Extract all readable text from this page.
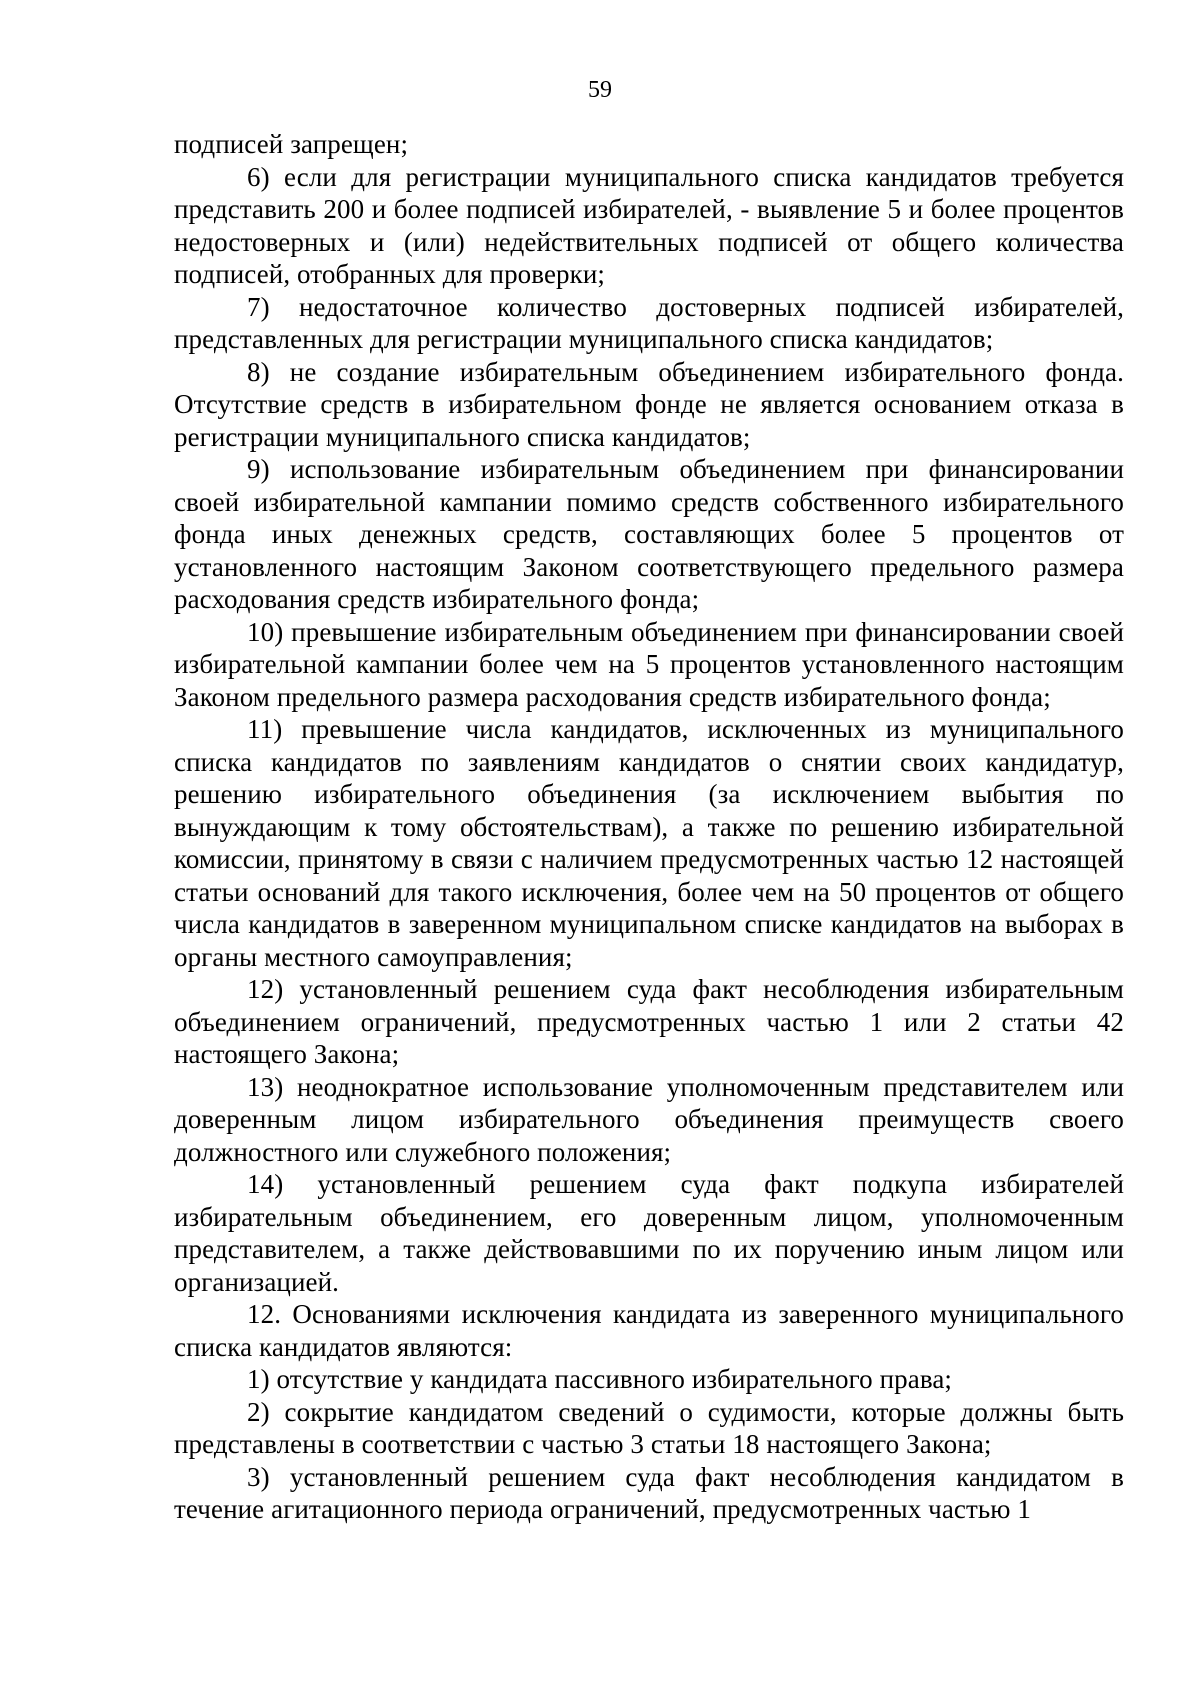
59

подписей запрещен;

6) если для регистрации муниципального списка кандидатов требуется представить 200 и более подписей избирателей, - выявление 5 и более процентов недостоверных и (или) недействительных подписей от общего количества подписей, отобранных для проверки;

7) недостаточное количество достоверных подписей избирателей, представленных для регистрации муниципального списка кандидатов;

8) не создание избирательным объединением избирательного фонда. Отсутствие средств в избирательном фонде не является основанием отказа в регистрации муниципального списка кандидатов;

9) использование избирательным объединением при финансировании своей избирательной кампании помимо средств собственного избирательного фонда иных денежных средств, составляющих более 5 процентов от установленного настоящим Законом соответствующего предельного размера расходования средств избирательного фонда;

10) превышение избирательным объединением при финансировании своей избирательной кампании более чем на 5 процентов установленного настоящим Законом предельного размера расходования средств избирательного фонда;

11) превышение числа кандидатов, исключенных из муниципального списка кандидатов по заявлениям кандидатов о снятии своих кандидатур, решению избирательного объединения (за исключением выбытия по вынуждающим к тому обстоятельствам), а также по решению избирательной комиссии, принятому в связи с наличием предусмотренных частью 12 настоящей статьи оснований для такого исключения, более чем на 50 процентов от общего числа кандидатов в заверенном муниципальном списке кандидатов на выборах в органы местного самоуправления;

12) установленный решением суда факт несоблюдения избирательным объединением ограничений, предусмотренных частью 1 или 2 статьи 42 настоящего Закона;

13) неоднократное использование уполномоченным представителем или доверенным лицом избирательного объединения преимуществ своего должностного или служебного положения;

14) установленный решением суда факт подкупа избирателей избирательным объединением, его доверенным лицом, уполномоченным представителем, а также действовавшими по их поручению иным лицом или организацией.

12. Основаниями исключения кандидата из заверенного муниципального списка кандидатов являются:

1) отсутствие у кандидата пассивного избирательного права;

2) сокрытие кандидатом сведений о судимости, которые должны быть представлены в соответствии с частью 3 статьи 18 настоящего Закона;

3) установленный решением суда факт несоблюдения кандидатом в течение агитационного периода ограничений, предусмотренных частью 1
